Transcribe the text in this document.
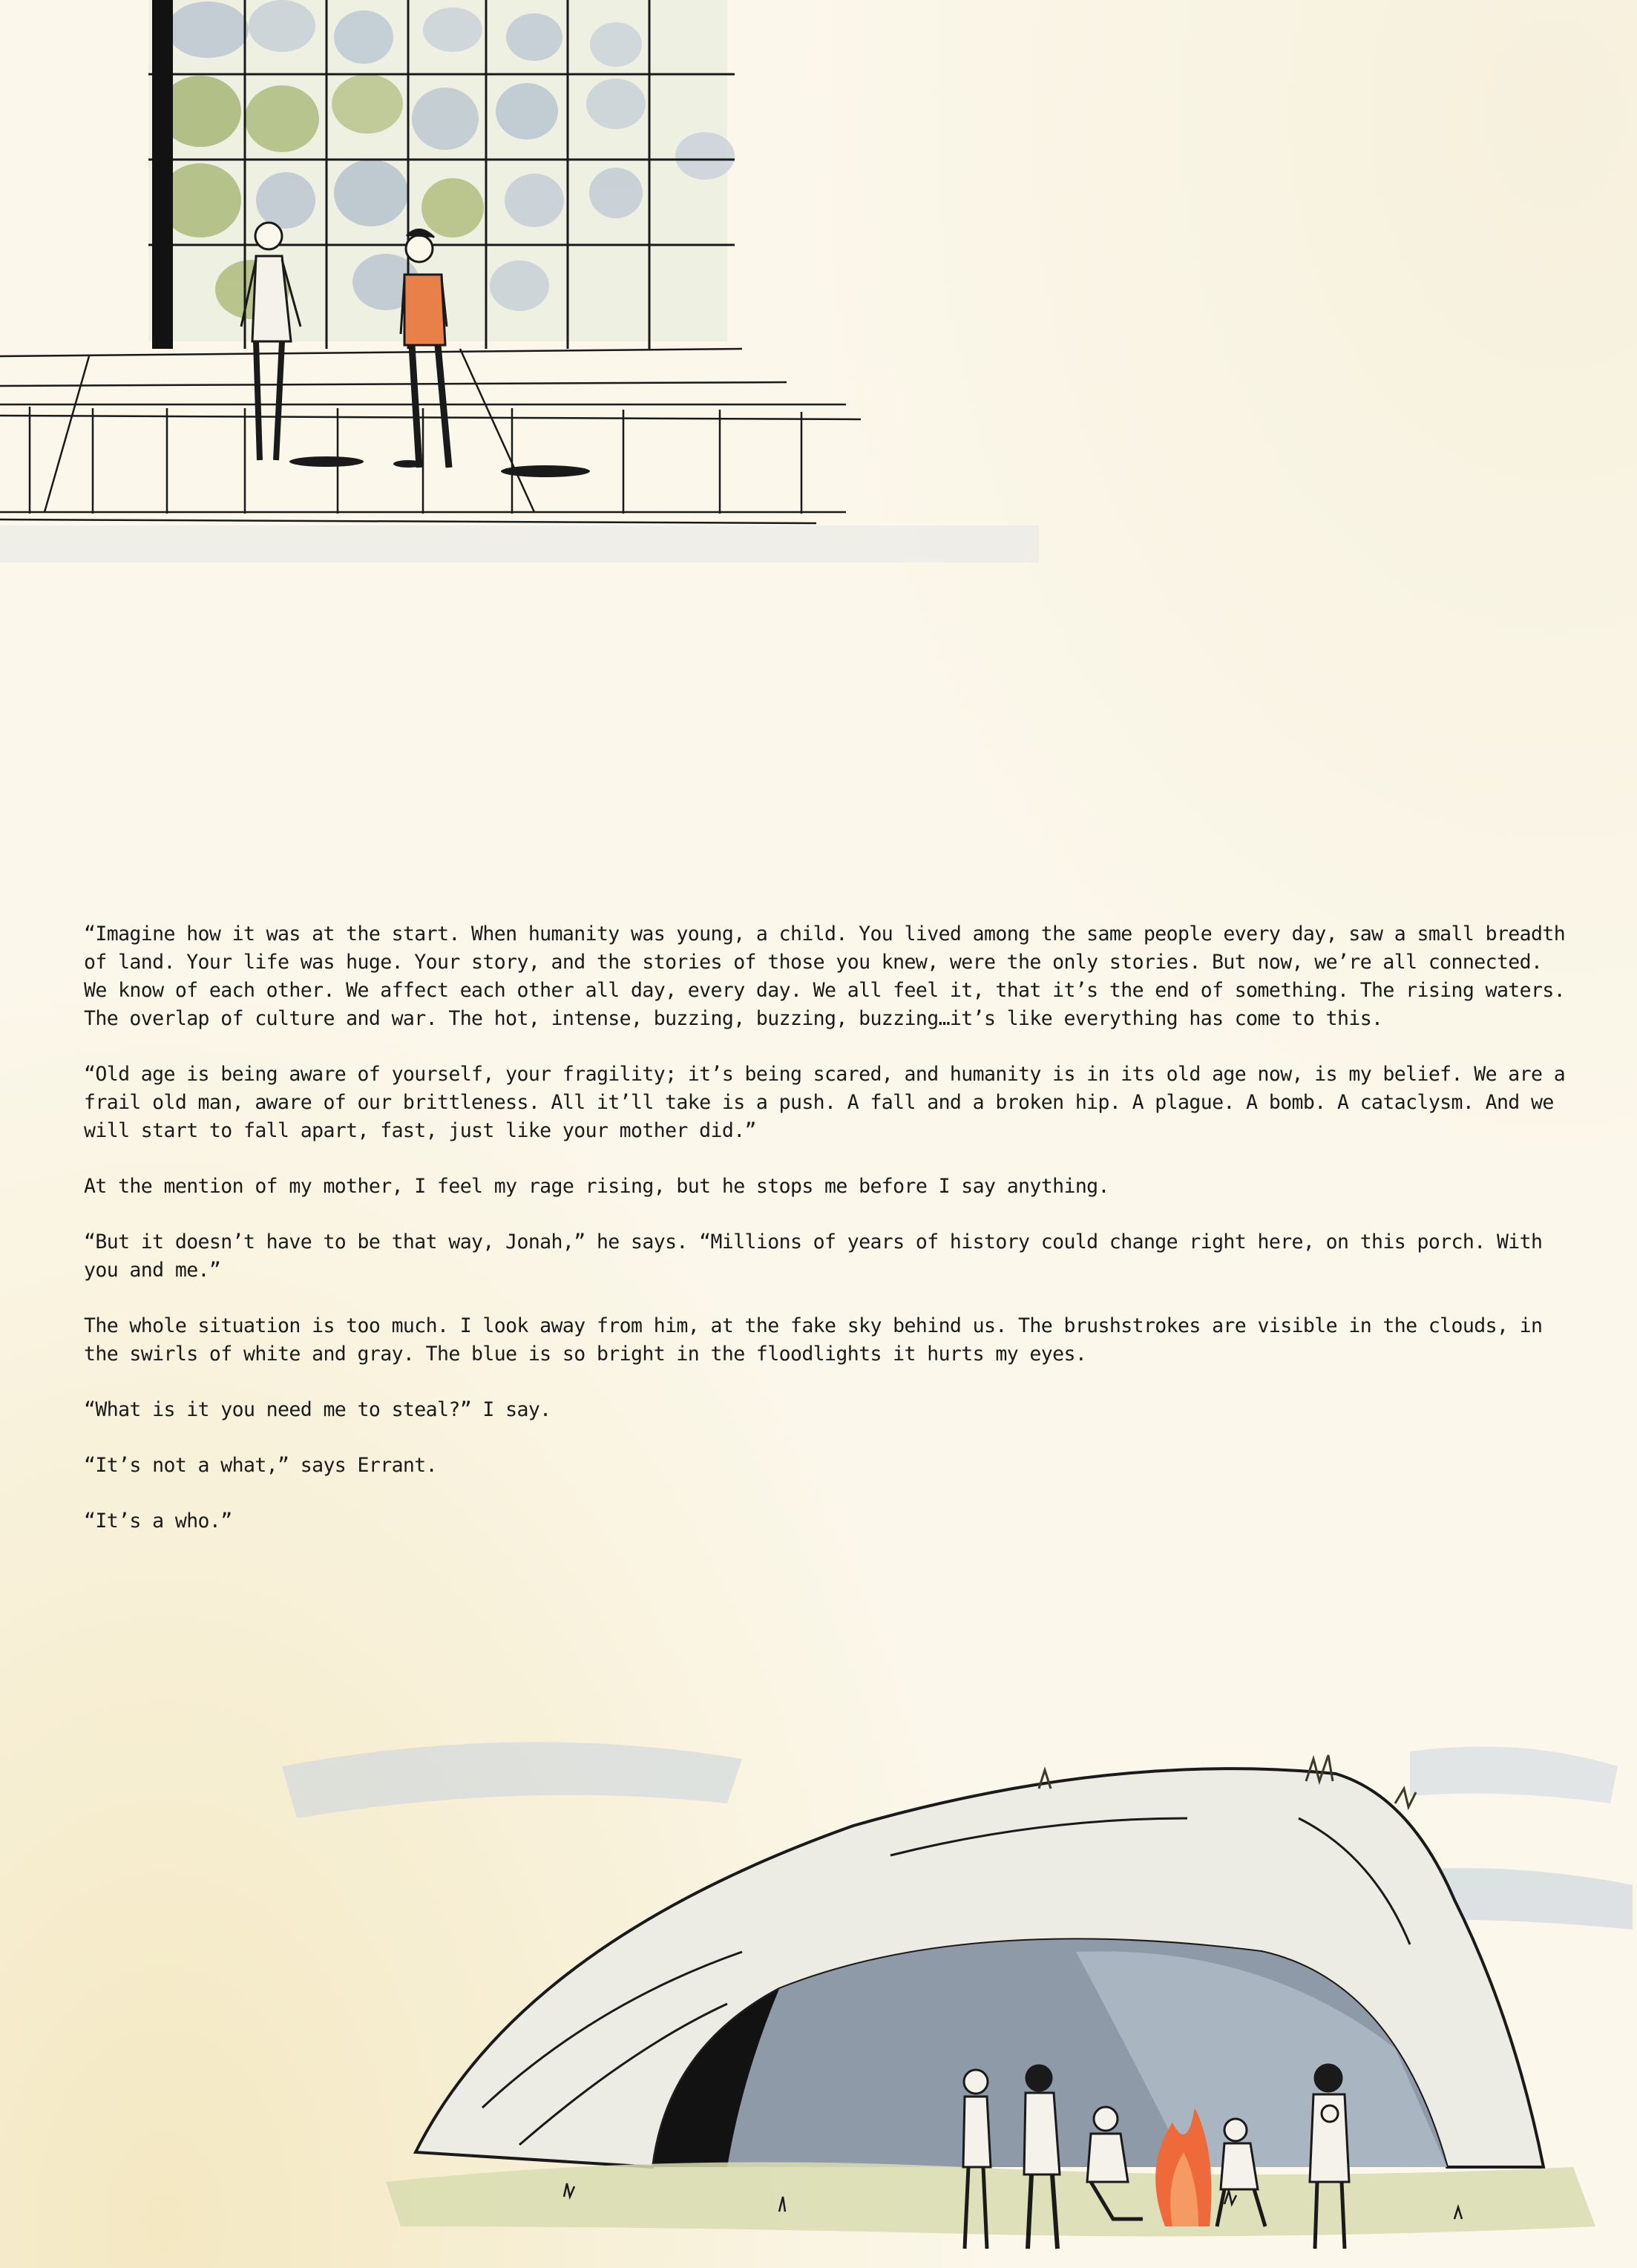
“Imagine how it was at the start. When humanity was young, a child. You lived among the same people every day, saw a small breadth of land. Your life was huge. Your story, and the stories of those you knew, were the only stories. But now, we’re all connected. We know of each other. We affect each other all day, every day. We all feel it, that it’s the end of something. The rising waters. The overlap of culture and war. The hot, intense, buzzing, buzzing, buzzing…it’s like everything has come to this.

“Old age is being aware of yourself, your fragility; it’s being scared, and humanity is in its old age now, is my belief. We are a frail old man, aware of our brittleness. All it’ll take is a push. A fall and a broken hip. A plague. A bomb. A cataclysm. And we will start to fall apart, fast, just like your mother did.”

At the mention of my mother, I feel my rage rising, but he stops me before I say anything.

“But it doesn’t have to be that way, Jonah,” he says. “Millions of years of history could change right here, on this porch. With you and me.”

The whole situation is too much. I look away from him, at the fake sky behind us. The brushstrokes are visible in the clouds, in the swirls of white and gray. The blue is so bright in the floodlights it hurts my eyes.

“What is it you need me to steal?” I say.

“It’s not a what,” says Errant.

“It’s a who.”
